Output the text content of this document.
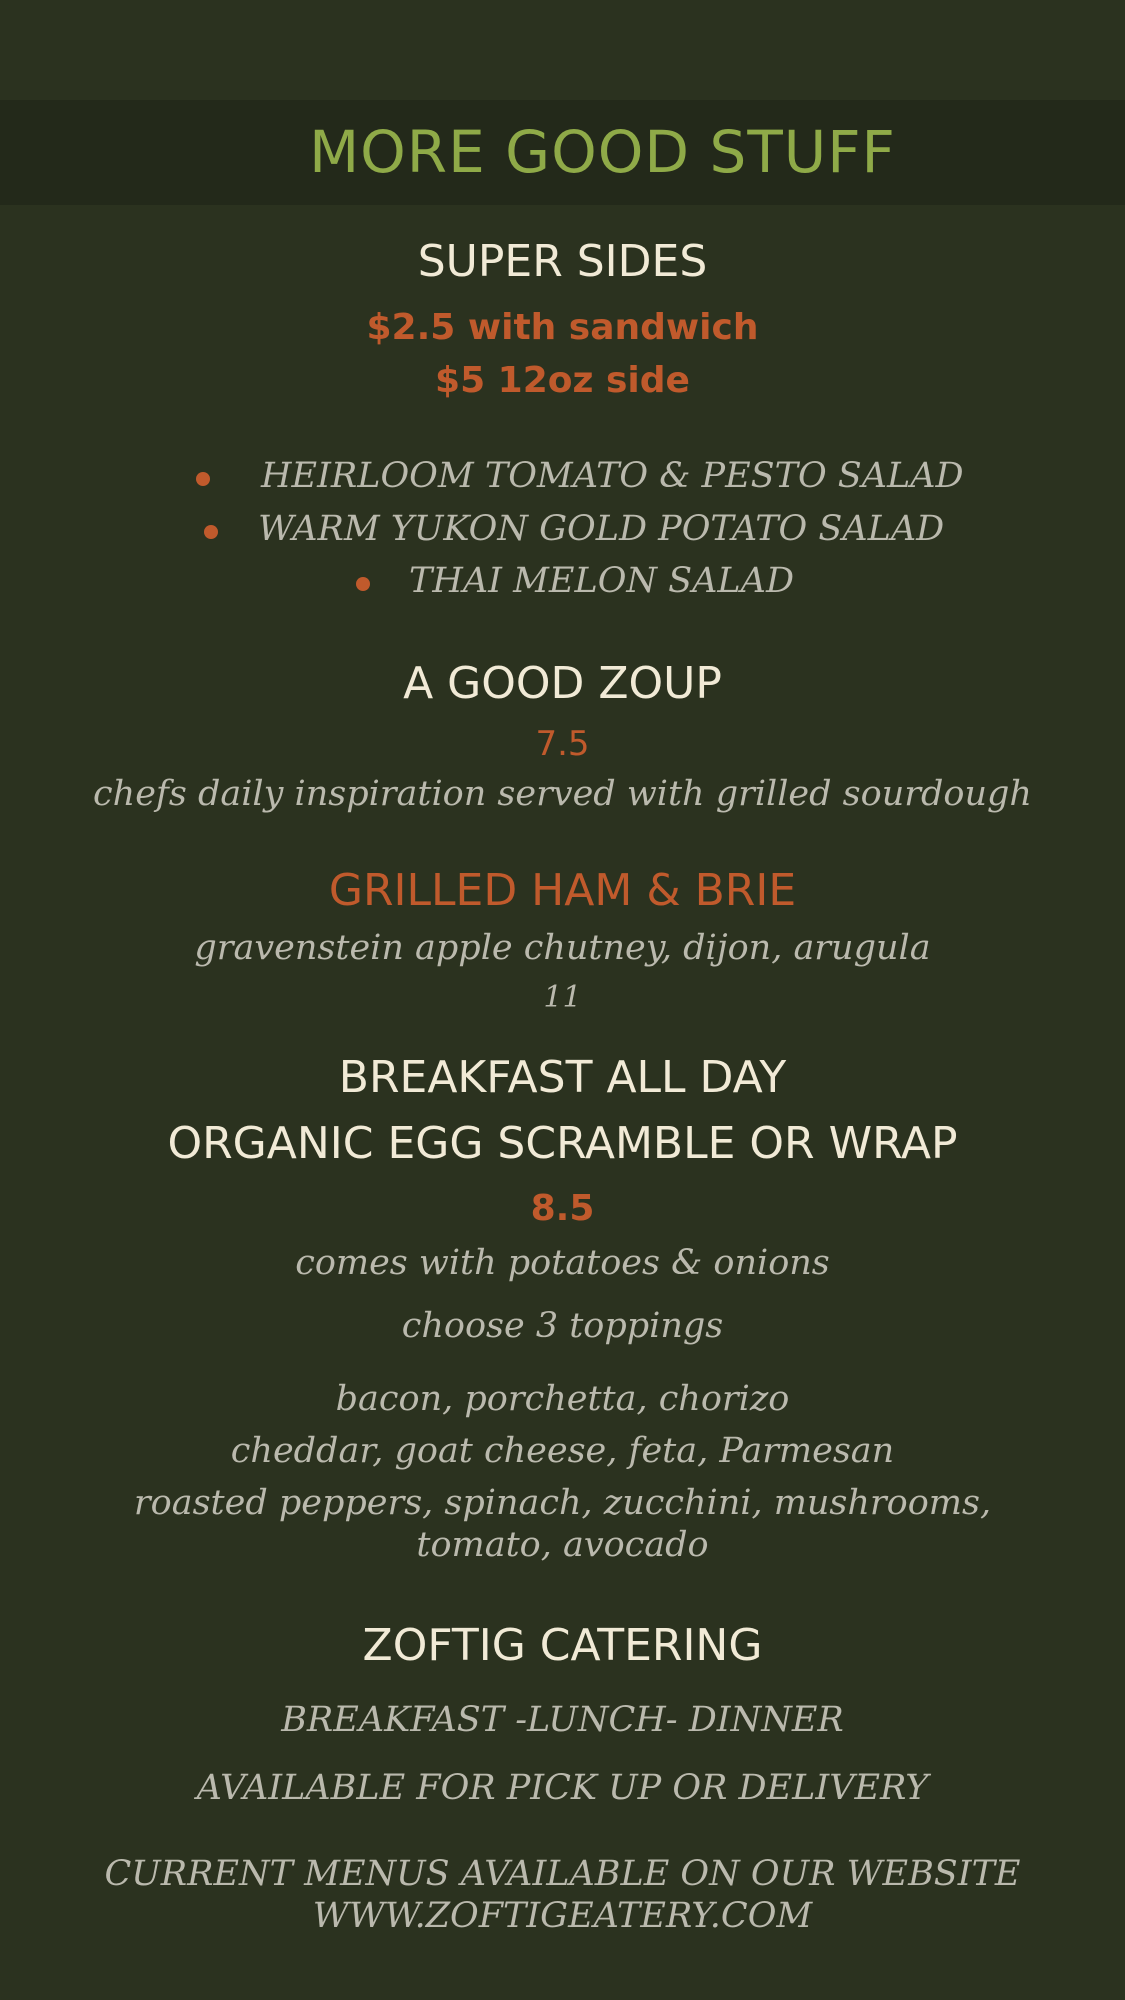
MORE GOOD STUFF
SUPER SIDES
$2.5 with sandwich
$5 12oz side
HEIRLOOM TOMATO & PESTO SALAD
WARM YUKON GOLD POTATO SALAD
THAI MELON SALAD
A GOOD ZOUP
7.5
chefs daily inspiration served with grilled sourdough
GRILLED HAM & BRIE
gravenstein apple chutney, dijon, arugula
11
BREAKFAST ALL DAY
ORGANIC EGG SCRAMBLE OR WRAP
8.5
comes with potatoes & onions
choose 3 toppings
bacon, porchetta, chorizo
cheddar, goat cheese, feta, Parmesan
roasted peppers, spinach, zucchini, mushrooms,
tomato, avocado
ZOFTIG CATERING
BREAKFAST -LUNCH- DINNER
AVAILABLE FOR PICK UP OR DELIVERY
CURRENT MENUS AVAILABLE ON OUR WEBSITE
WWW.ZOFTIGEATERY.COM
